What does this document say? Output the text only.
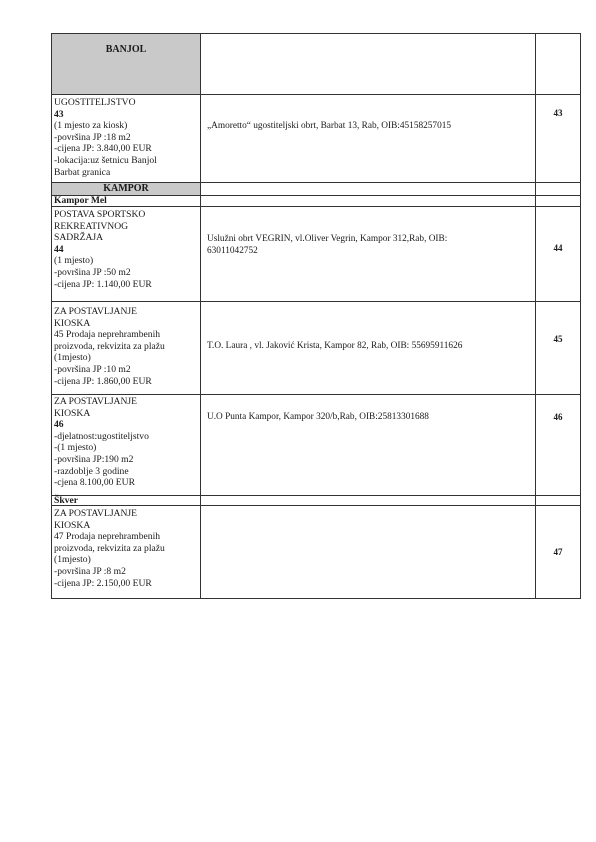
BANJOL
UGOSTITELJSTVO
43
(1 mjesto za kiosk)
-površina JP :18 m2
-cijena JP: 3.840,00 EUR
-lokacija:uz šetnicu Banjol
Barbat granica
„Amoretto“ ugostiteljski obrt, Barbat 13, Rab, OIB:45158257015
43
KAMPOR
Kampor Mel
POSTAVA SPORTSKO
REKREATIVNOG
SADRŽAJA
44
(1 mjesto)
-površina JP :50 m2
-cijena JP: 1.140,00 EUR
Uslužni obrt VEGRIN, vl.Oliver Vegrin, Kampor 312,Rab, OIB:
63011042752	44
ZA POSTAVLJANJE
KIOSKA
45 Prodaja neprehrambenih
proizvoda, rekvizita za plažu
(1mjesto)
-površina JP :10 m2
-cijena JP: 1.860,00 EUR
T.O. Laura , vl. Jaković Krista, Kampor 82, Rab, OIB: 55695911626
45
ZA POSTAVLJANJE
KIOSKA
46
-djelatnost:ugostiteljstvo
-(1 mjesto)
-površina JP:190 m2
-razdoblje 3 godine
-cjena 8.100,00 EUR
U.O Punta Kampor, Kampor 320/b,Rab, OIB:25813301688	46
Škver
ZA POSTAVLJANJE
KIOSKA
47 Prodaja neprehrambenih
proizvoda, rekvizita za plažu
(1mjesto)
-površina JP :8 m2
-cijena JP: 2.150,00 EUR
47
